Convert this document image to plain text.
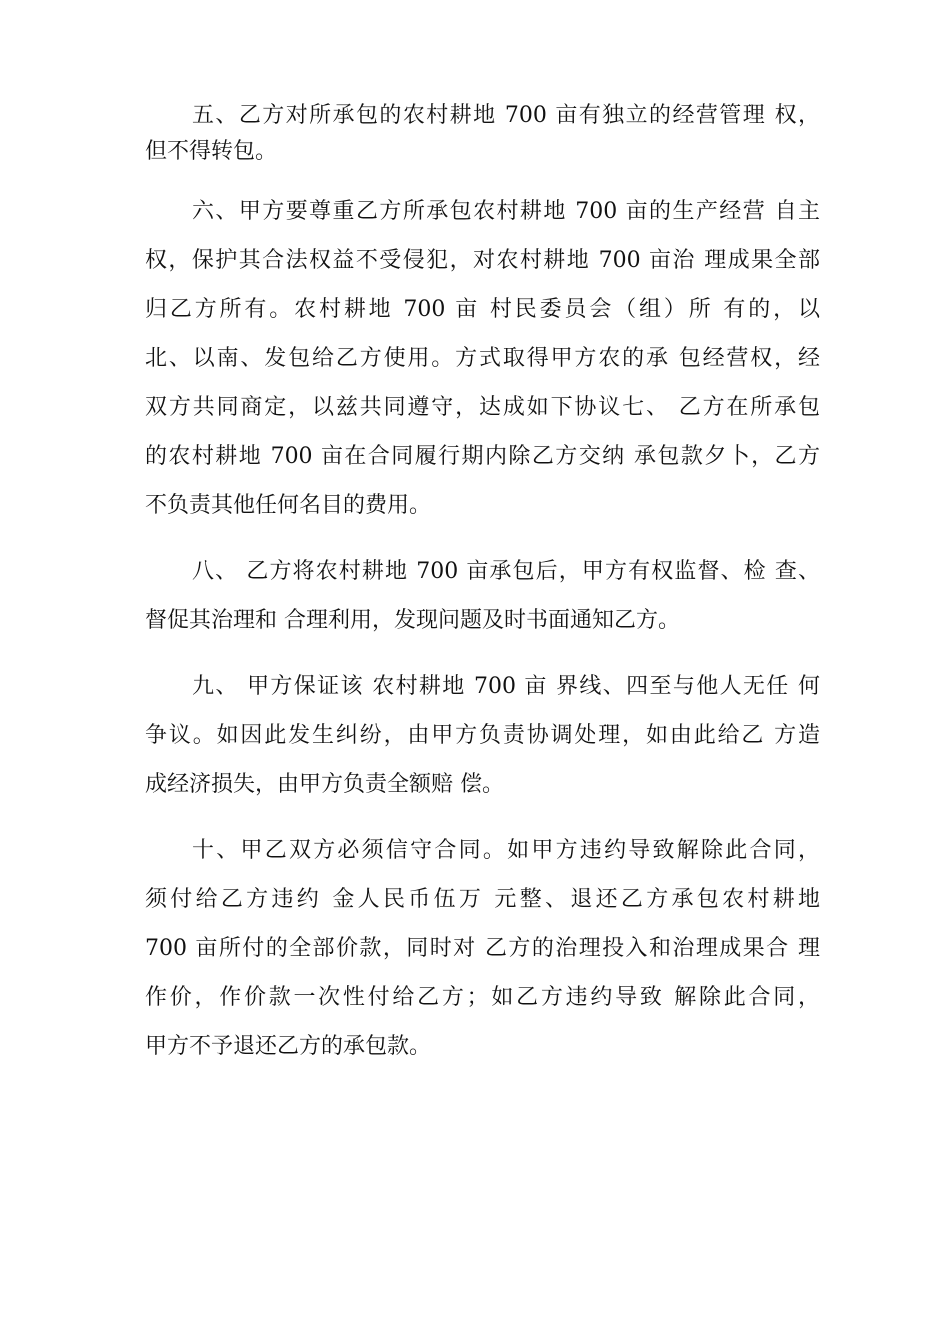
五、乙方对所承包的农村耕地 700 亩有独立的经营管理 权，
但不得转包。
六、甲方要尊重乙方所承包农村耕地 700 亩的生产经营 自主
权，保护其合法权益不受侵犯，对农村耕地 700 亩治 理成果全部
归乙方所有。农村耕地 700 亩 村民委员会（组）所 有的，以
北、以南、发包给乙方使用。方式取得甲方农的承 包经营权，经
双方共同商定，以兹共同遵守，达成如下协议七、 乙方在所承包
的农村耕地 700 亩在合同履行期内除乙方交纳 承包款夕卜，乙方
不负责其他任何名目的费用。
八、 乙方将农村耕地 700 亩承包后，甲方有权监督、检 查、
督促其治理和 合理利用，发现问题及时书面通知乙方。
九、 甲方保证该 农村耕地 700 亩 界线、四至与他人无任 何
争议。如因此发生纠纷，由甲方负责协调处理，如由此给乙 方造
成经济损失，由甲方负责全额赔 偿。
十、甲乙双方必须信守合同。如甲方违约导致解除此合同，
须付给乙方违约 金人民币伍万 元整、退还乙方承包农村耕地
700 亩所付的全部价款，同时对 乙方的治理投入和治理成果合 理
作价，作价款一次性付给乙方；如乙方违约导致 解除此合同，
甲方不予退还乙方的承包款。
